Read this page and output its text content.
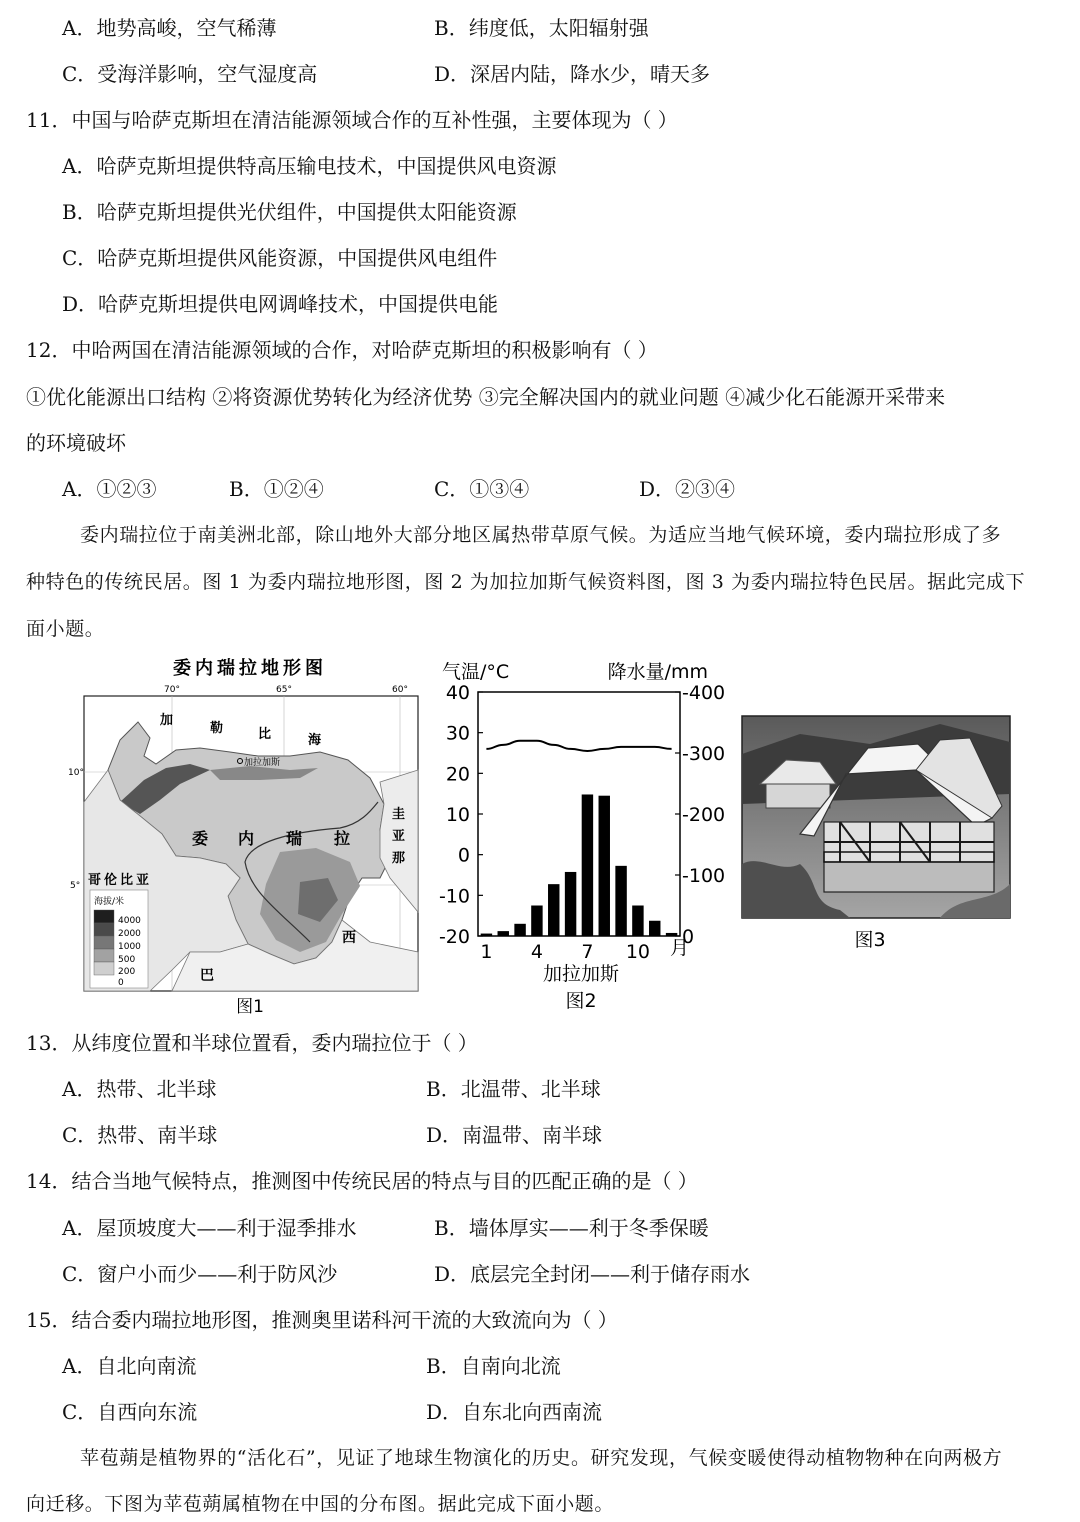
A．地势高峻，空气稀薄	B．纬度低，太阳辐射强
C．受海洋影响，空气湿度高	D．深居内陆，降水少，晴天多
11．中国与哈萨克斯坦在清洁能源领域合作的互补性强，主要体现为（ ）
A．哈萨克斯坦提供特高压输电技术，中国提供风电资源
B．哈萨克斯坦提供光伏组件，中国提供太阳能资源
C．哈萨克斯坦提供风能资源，中国提供风电组件
D．哈萨克斯坦提供电网调峰技术，中国提供电能
12．中哈两国在清洁能源领域的合作，对哈萨克斯坦的积极影响有（ ）
①优化能源出口结构 ②将资源优势转化为经济优势 ③完全解决国内的就业问题 ④减少化石能源开采带来
的环境破坏
A．①②③	B．①②④	C．①③④	D．②③④
委内瑞拉位于南美洲北部，除山地外大部分地区属热带草原气候。为适应当地气候环境，委内瑞拉形成了多
种特色的传统民居。图 1 为委内瑞拉地形图，图 2 为加拉加斯气候资料图，图 3 为委内瑞拉特色民居。据此完成下
面小题。
委内瑞拉地形图
70°	65°	60°
10°
5°
加
勒	比	海
加拉加斯
委 内 瑞 拉
哥伦比亚
圭
亚
那
巴
西
海拔/米
4000
2000
1000
500
200
0
图1
气温/°C	降水量/mm
-20
-10
0
10
20
30
40
0
-100
-200
-300
-400
1 4 7 10 月
加拉加斯
图2
图3
13．从纬度位置和半球位置看，委内瑞拉位于（ ）
A．热带、北半球	B．北温带、北半球
C．热带、南半球	D．南温带、南半球
14．结合当地气候特点，推测图中传统民居的特点与目的匹配正确的是（ ）
A．屋顶坡度大——利于湿季排水	B．墙体厚实——利于冬季保暖
C．窗户小而少——利于防风沙	D．底层完全封闭——利于储存雨水
15．结合委内瑞拉地形图，推测奥里诺科河干流的大致流向为（ ）
A．自北向南流	B．自南向北流
C．自西向东流	D．自东北向西南流
苹苞蒴是植物界的“活化石”，见证了地球生物演化的历史。研究发现，气候变暖使得动植物物种在向两极方
向迁移。下图为苹苞蒴属植物在中国的分布图。据此完成下面小题。
